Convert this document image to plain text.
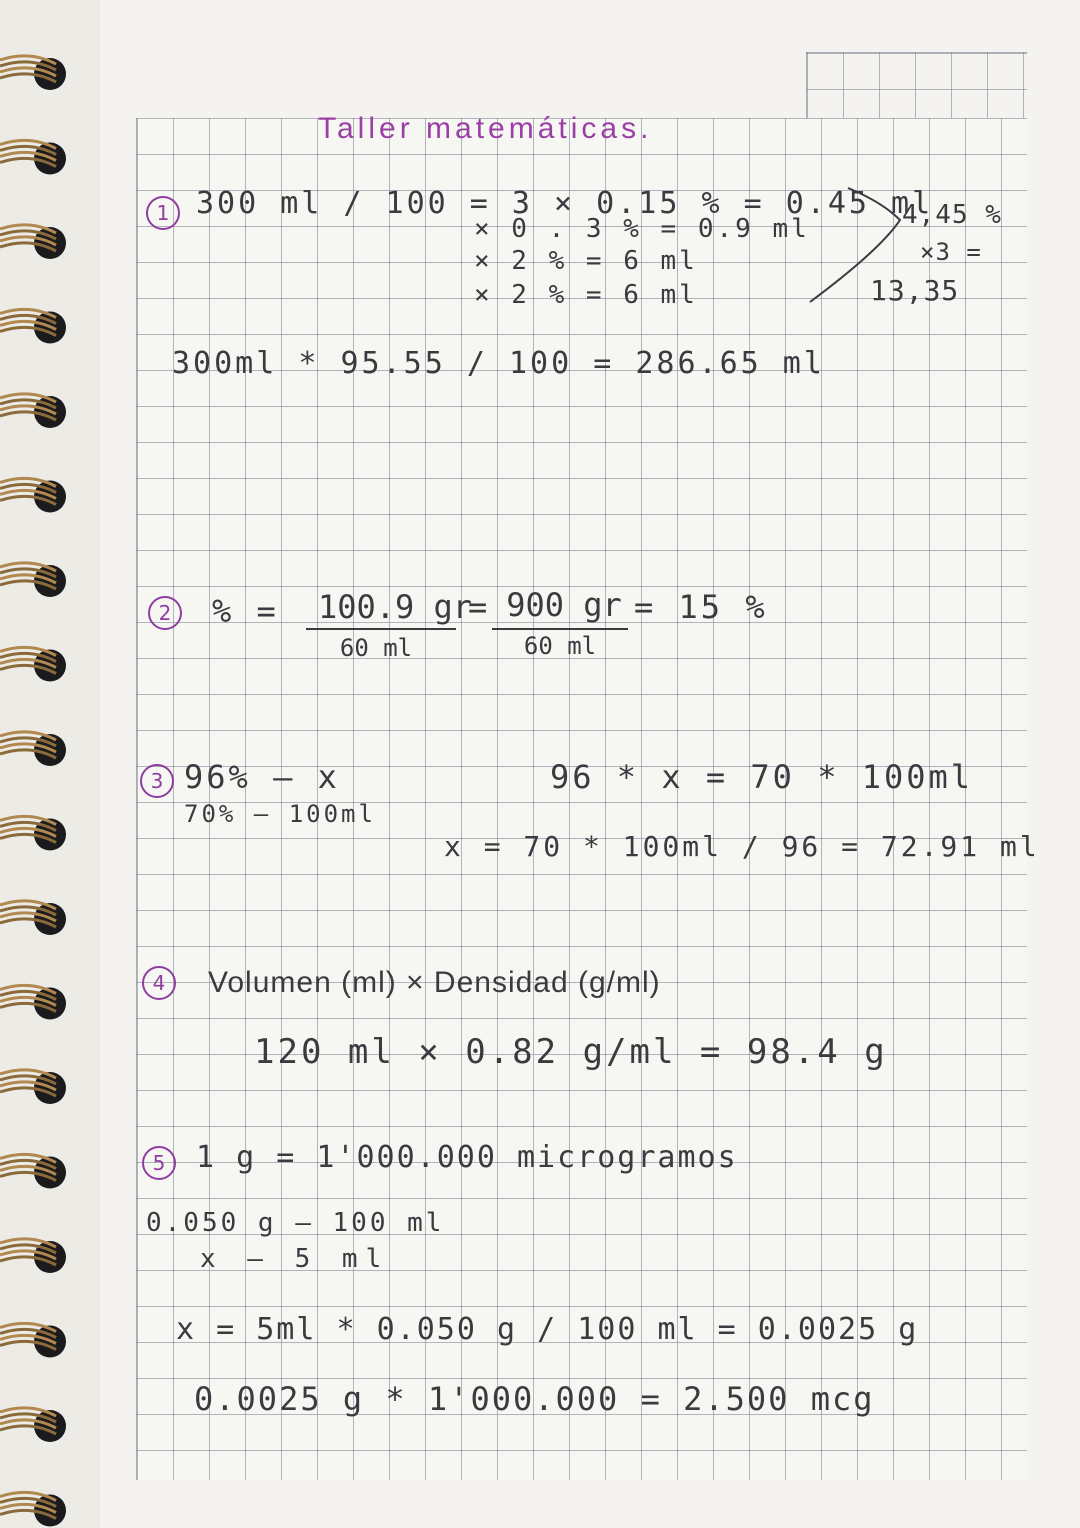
Taller matemáticas.
1 300 ml / 100 = 3 × 0.15 % = 0.45 ml
× 0 . 3 % = 0.9 ml
× 2 % = 6 ml
× 2 % = 6 ml
4,45 %
×3 =
13,35
300ml * 95.55 / 100 = 286.65 ml
2	% =	100.9 gr
60 ml
= 900 gr
60 ml
= 15 %
3 96% — x
70% — 100ml
96 * x = 70 * 100ml
x = 70 * 100ml / 96 = 72.91 ml
4	Volumen (ml) × Densidad (g/ml)
120 ml × 0.82 g/ml = 98.4 g
5	1 g = 1'000.000 microgramos
0.050 g — 100 ml
x — 5 ml
x = 5ml * 0.050 g / 100 ml = 0.0025 g
0.0025 g * 1'000.000 = 2.500 mcg
